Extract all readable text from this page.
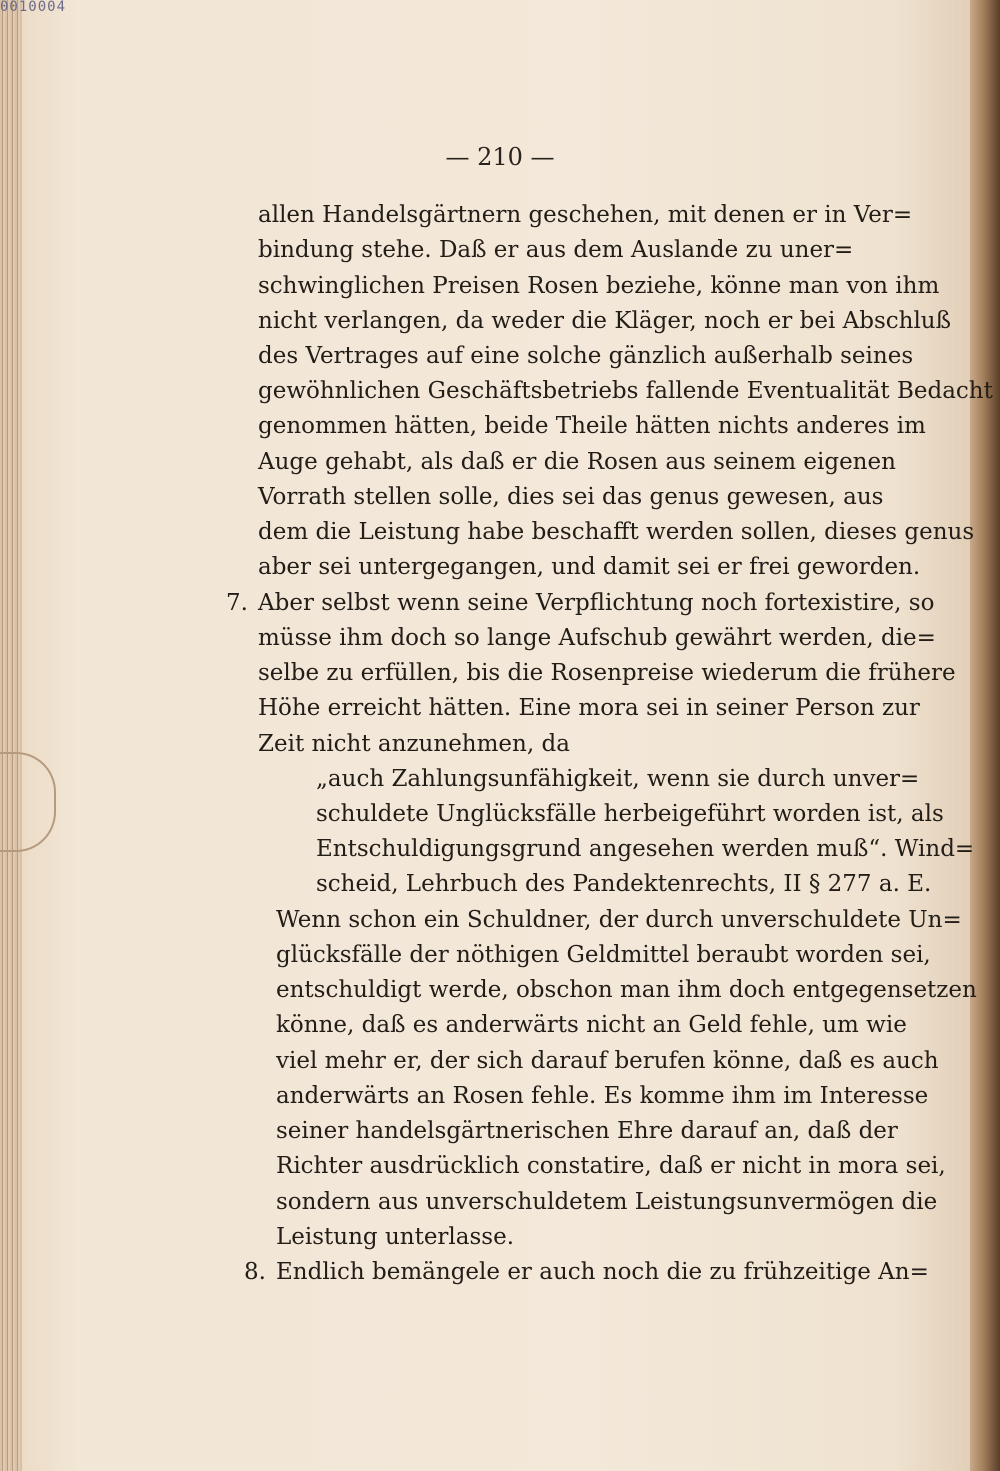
0010004
— 210 —
allen Handelsgärtnern geschehen, mit denen er in Ver=
bindung stehe. Daß er aus dem Auslande zu uner=
schwinglichen Preisen Rosen beziehe, könne man von ihm
nicht verlangen, da weder die Kläger, noch er bei Abschluß
des Vertrages auf eine solche gänzlich außerhalb seines
gewöhnlichen Geschäftsbetriebs fallende Eventualität Bedacht
genommen hätten, beide Theile hätten nichts anderes im
Auge gehabt, als daß er die Rosen aus seinem eigenen
Vorrath stellen solle, dies sei das genus gewesen, aus
dem die Leistung habe beschafft werden sollen, dieses genus
aber sei untergegangen, und damit sei er frei geworden.
7. Aber selbst wenn seine Verpflichtung noch fortexistire, so
müsse ihm doch so lange Aufschub gewährt werden, die=
selbe zu erfüllen, bis die Rosenpreise wiederum die frühere
Höhe erreicht hätten. Eine mora sei in seiner Person zur
Zeit nicht anzunehmen, da
„auch Zahlungsunfähigkeit, wenn sie durch unver=
schuldete Unglücksfälle herbeigeführt worden ist, als
Entschuldigungsgrund angesehen werden muß“. Wind=
scheid, Lehrbuch des Pandektenrechts, II § 277 a. E.
Wenn schon ein Schuldner, der durch unverschuldete Un=
glücksfälle der nöthigen Geldmittel beraubt worden sei,
entschuldigt werde, obschon man ihm doch entgegensetzen
könne, daß es anderwärts nicht an Geld fehle, um wie
viel mehr er, der sich darauf berufen könne, daß es auch
anderwärts an Rosen fehle. Es komme ihm im Interesse
seiner handelsgärtnerischen Ehre darauf an, daß der
Richter ausdrücklich constatire, daß er nicht in mora sei,
sondern aus unverschuldetem Leistungsunvermögen die
Leistung unterlasse.
8. Endlich bemängele er auch noch die zu frühzeitige An=
